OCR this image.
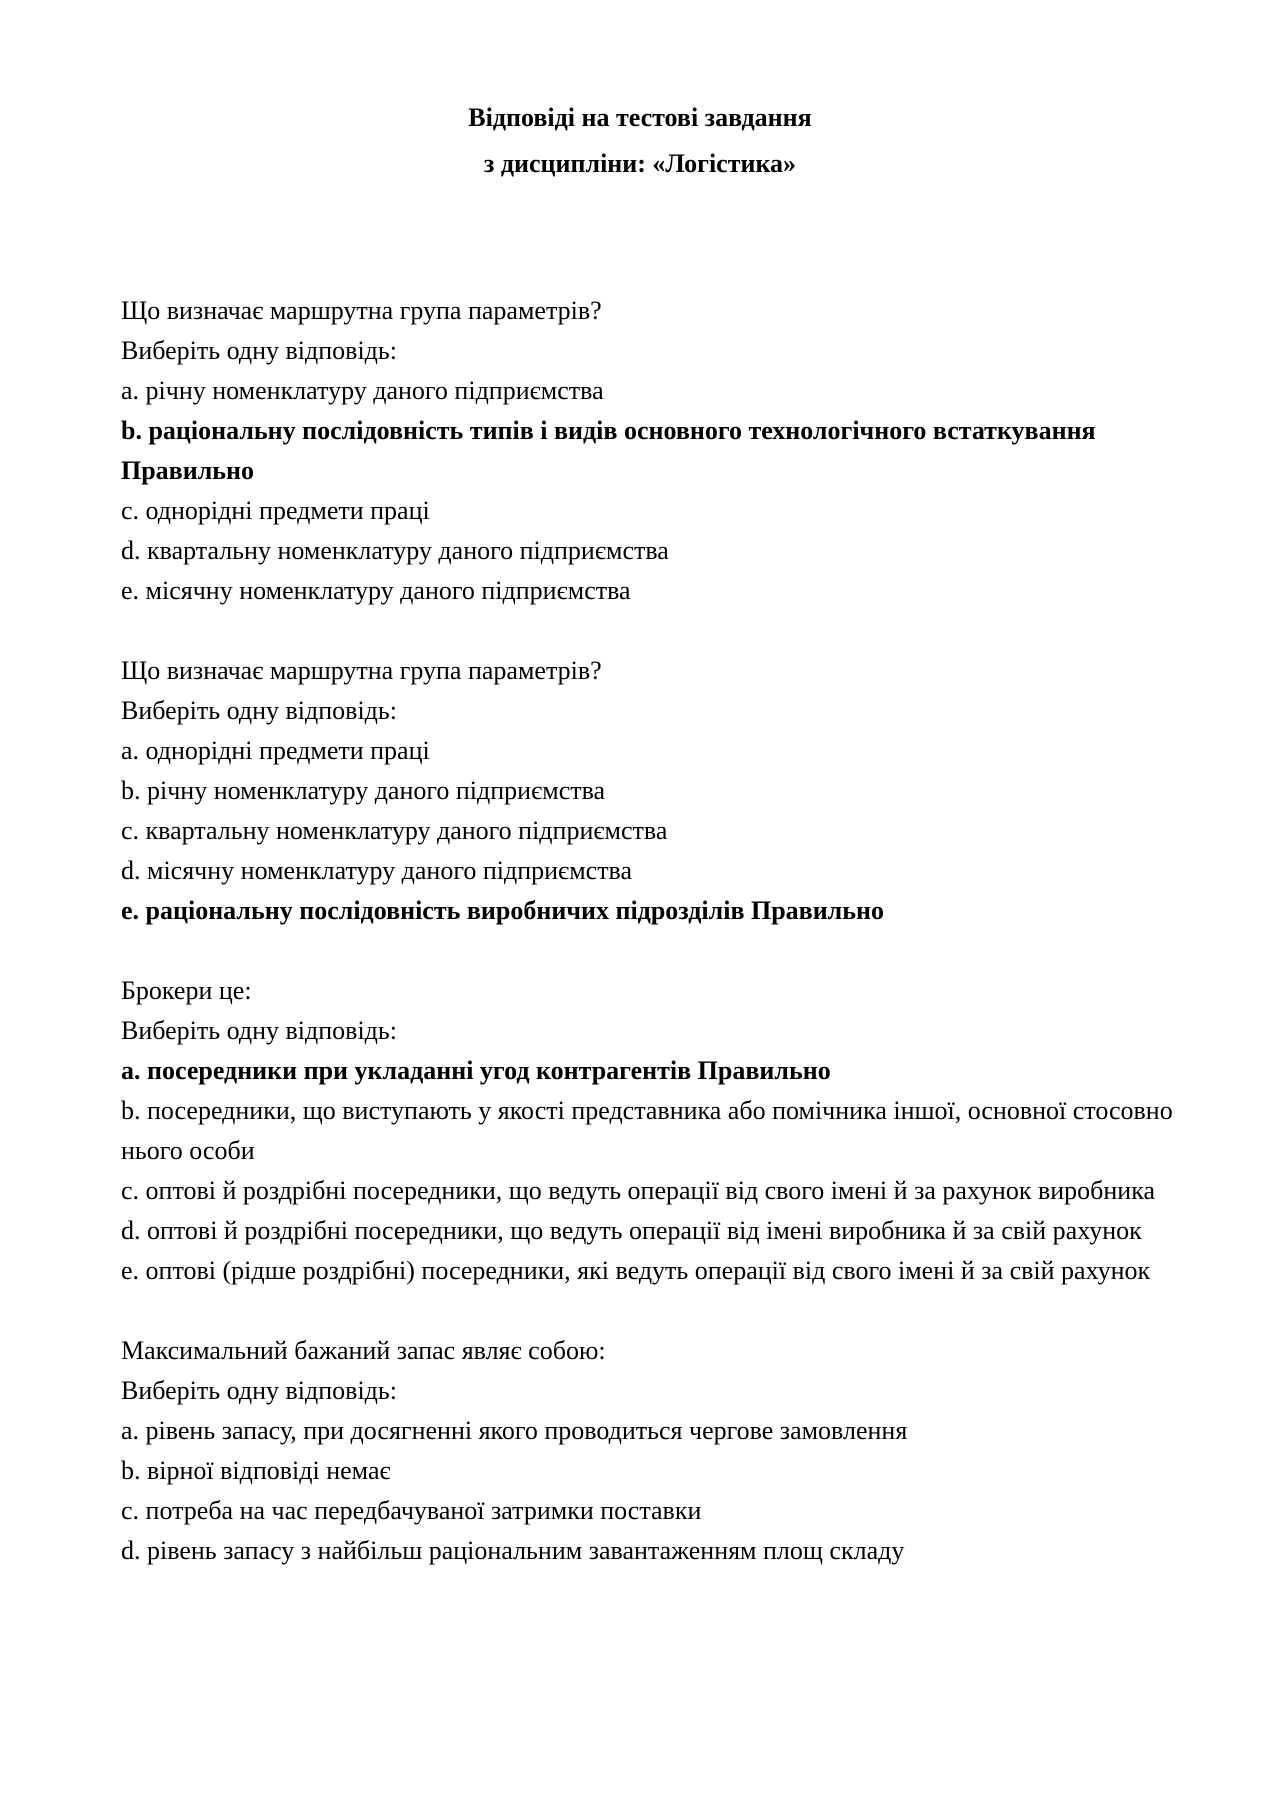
Відповіді на тестові завдання

з дисципліни: «Логістика»

Що визначає маршрутна група параметрів?

Виберіть одну відповідь:

a. річну номенклатуру даного підприємства

b. раціональну послідовність типів і видів основного технологічного встаткування Правильно

c. однорідні предмети праці

d. квартальну номенклатуру даного підприємства

e. місячну номенклатуру даного підприємства

Що визначає маршрутна група параметрів?

Виберіть одну відповідь:

a. однорідні предмети праці

b. річну номенклатуру даного підприємства

c. квартальну номенклатуру даного підприємства

d. місячну номенклатуру даного підприємства

e. раціональну послідовність виробничих підрозділів Правильно

Брокери це:

Виберіть одну відповідь:

a. посередники при укладанні угод контрагентів Правильно

b. посередники, що виступають у якості представника або помічника іншої, основної стосовно нього особи

c. оптові й роздрібні посередники, що ведуть операції від свого імені й за рахунок виробника

d. оптові й роздрібні посередники, що ведуть операції від імені виробника й за свій рахунок

e. оптові (рідше роздрібні) посередники, які ведуть операції від свого імені й за свій рахунок

Максимальний бажаний запас являє собою:

Виберіть одну відповідь:

a. рівень запасу, при досягненні якого проводиться чергове замовлення

b. вірної відповіді немає

c. потреба на час передбачуваної затримки поставки

d. рівень запасу з найбільш раціональним завантаженням площ складу
